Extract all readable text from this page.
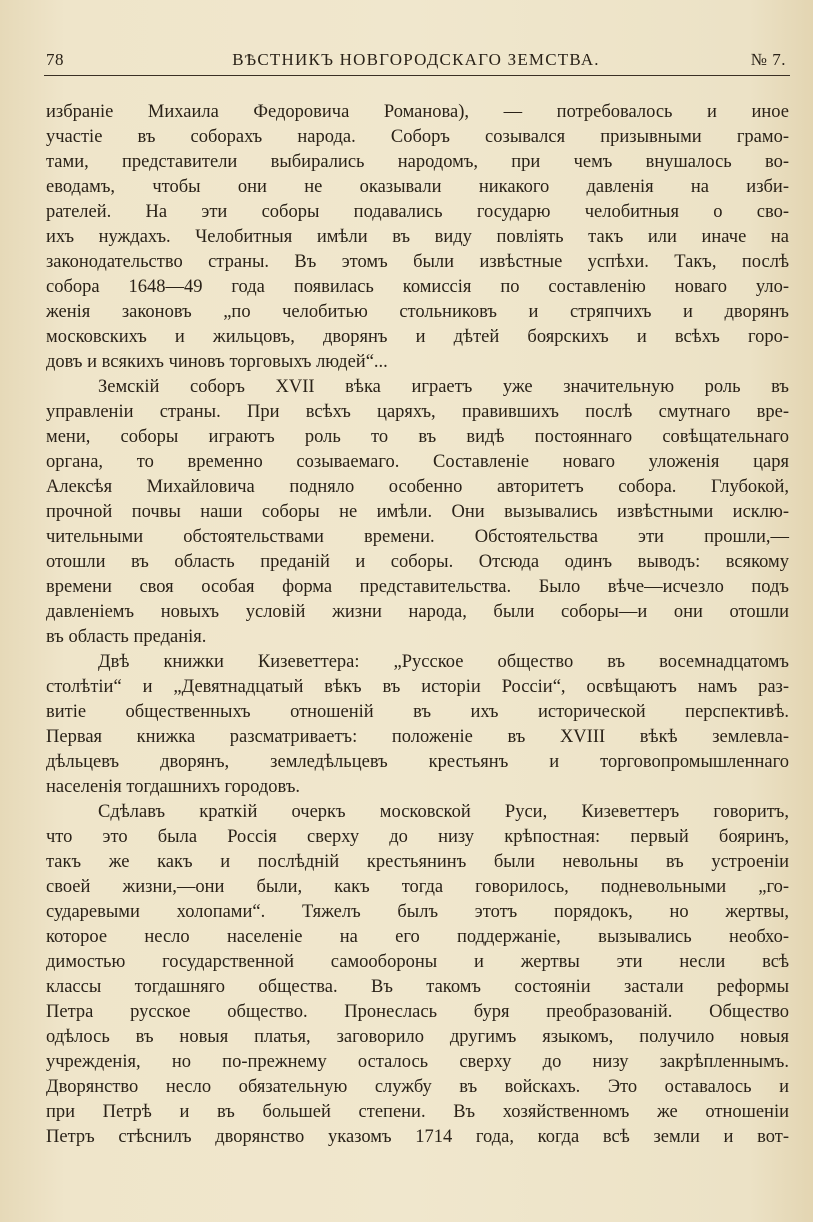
78	ВѢСТНИКЪ НОВГОРОДСКАГО ЗЕМСТВА.	№ 7.

избраніе Михаила Федоровича Романова), — потребовалось и иное

участіе въ соборахъ народа. Соборъ созывался призывными грамо-

тами, представители выбирались народомъ, при чемъ внушалось во-

еводамъ, чтобы они не оказывали никакого давленія на изби-

рателей. На эти соборы подавались государю челобитныя о сво-

ихъ нуждахъ. Челобитныя имѣли въ виду повліять такъ или иначе на

законодательство страны. Въ этомъ были извѣстные успѣхи. Такъ, послѣ

собора 1648—49 года появилась комиссія по составленію новаго уло-

женія законовъ „по челобитью стольниковъ и стряпчихъ и дворянъ

московскихъ и жильцовъ, дворянъ и дѣтей боярскихъ и всѣхъ горо-

довъ и всякихъ чиновъ торговыхъ людей“...

Земскій соборъ XVII вѣка играетъ уже значительную роль въ

управленіи страны. При всѣхъ царяхъ, правившихъ послѣ смутнаго вре-

мени, соборы играютъ роль то въ видѣ постояннаго совѣщательнаго

органа, то временно созываемаго. Составленіе новаго уложенія царя

Алексѣя Михайловича подняло особенно авторитетъ собора. Глубокой,

прочной почвы наши соборы не имѣли. Они вызывались извѣстными исклю-

чительными обстоятельствами времени. Обстоятельства эти прошли,—

отошли въ область преданій и соборы. Отсюда одинъ выводъ: всякому

времени своя особая форма представительства. Было вѣче—исчезло подъ

давленіемъ новыхъ условій жизни народа, были соборы—и они отошли

въ область преданія.

Двѣ книжки Кизеветтера: „Русское общество въ восемнадцатомъ

столѣтіи“ и „Девятнадцатый вѣкъ въ исторіи Россіи“, освѣщаютъ намъ раз-

витіе общественныхъ отношеній въ ихъ исторической перспективѣ.

Первая книжка разсматриваетъ: положеніе въ XVIII вѣкѣ землевла-

дѣльцевъ дворянъ, земледѣльцевъ крестьянъ и торговопромышленнаго

населенія тогдашнихъ городовъ.

Сдѣлавъ краткій очеркъ московской Руси, Кизеветтеръ говоритъ,

что это была Россія сверху до низу крѣпостная: первый бояринъ,

такъ же какъ и послѣдній крестьянинъ были невольны въ устроеніи

своей жизни,—они были, какъ тогда говорилось, подневольными „го-

сударевыми холопами“. Тяжелъ былъ этотъ порядокъ, но жертвы,

которое несло населеніе на его поддержаніе, вызывались необхо-

димостью государственной самообороны и жертвы эти несли всѣ

классы тогдашняго общества. Въ такомъ состояніи застали реформы

Петра русское общество. Пронеслась буря преобразованій. Общество

одѣлось въ новыя платья, заговорило другимъ языкомъ, получило новыя

учрежденія, но по-прежнему осталось сверху до низу закрѣпленнымъ.

Дворянство несло обязательную службу въ войскахъ. Это оставалось и

при Петрѣ и въ большей степени. Въ хозяйственномъ же отношеніи

Петръ стѣснилъ дворянство указомъ 1714 года, когда всѣ земли и вот-
